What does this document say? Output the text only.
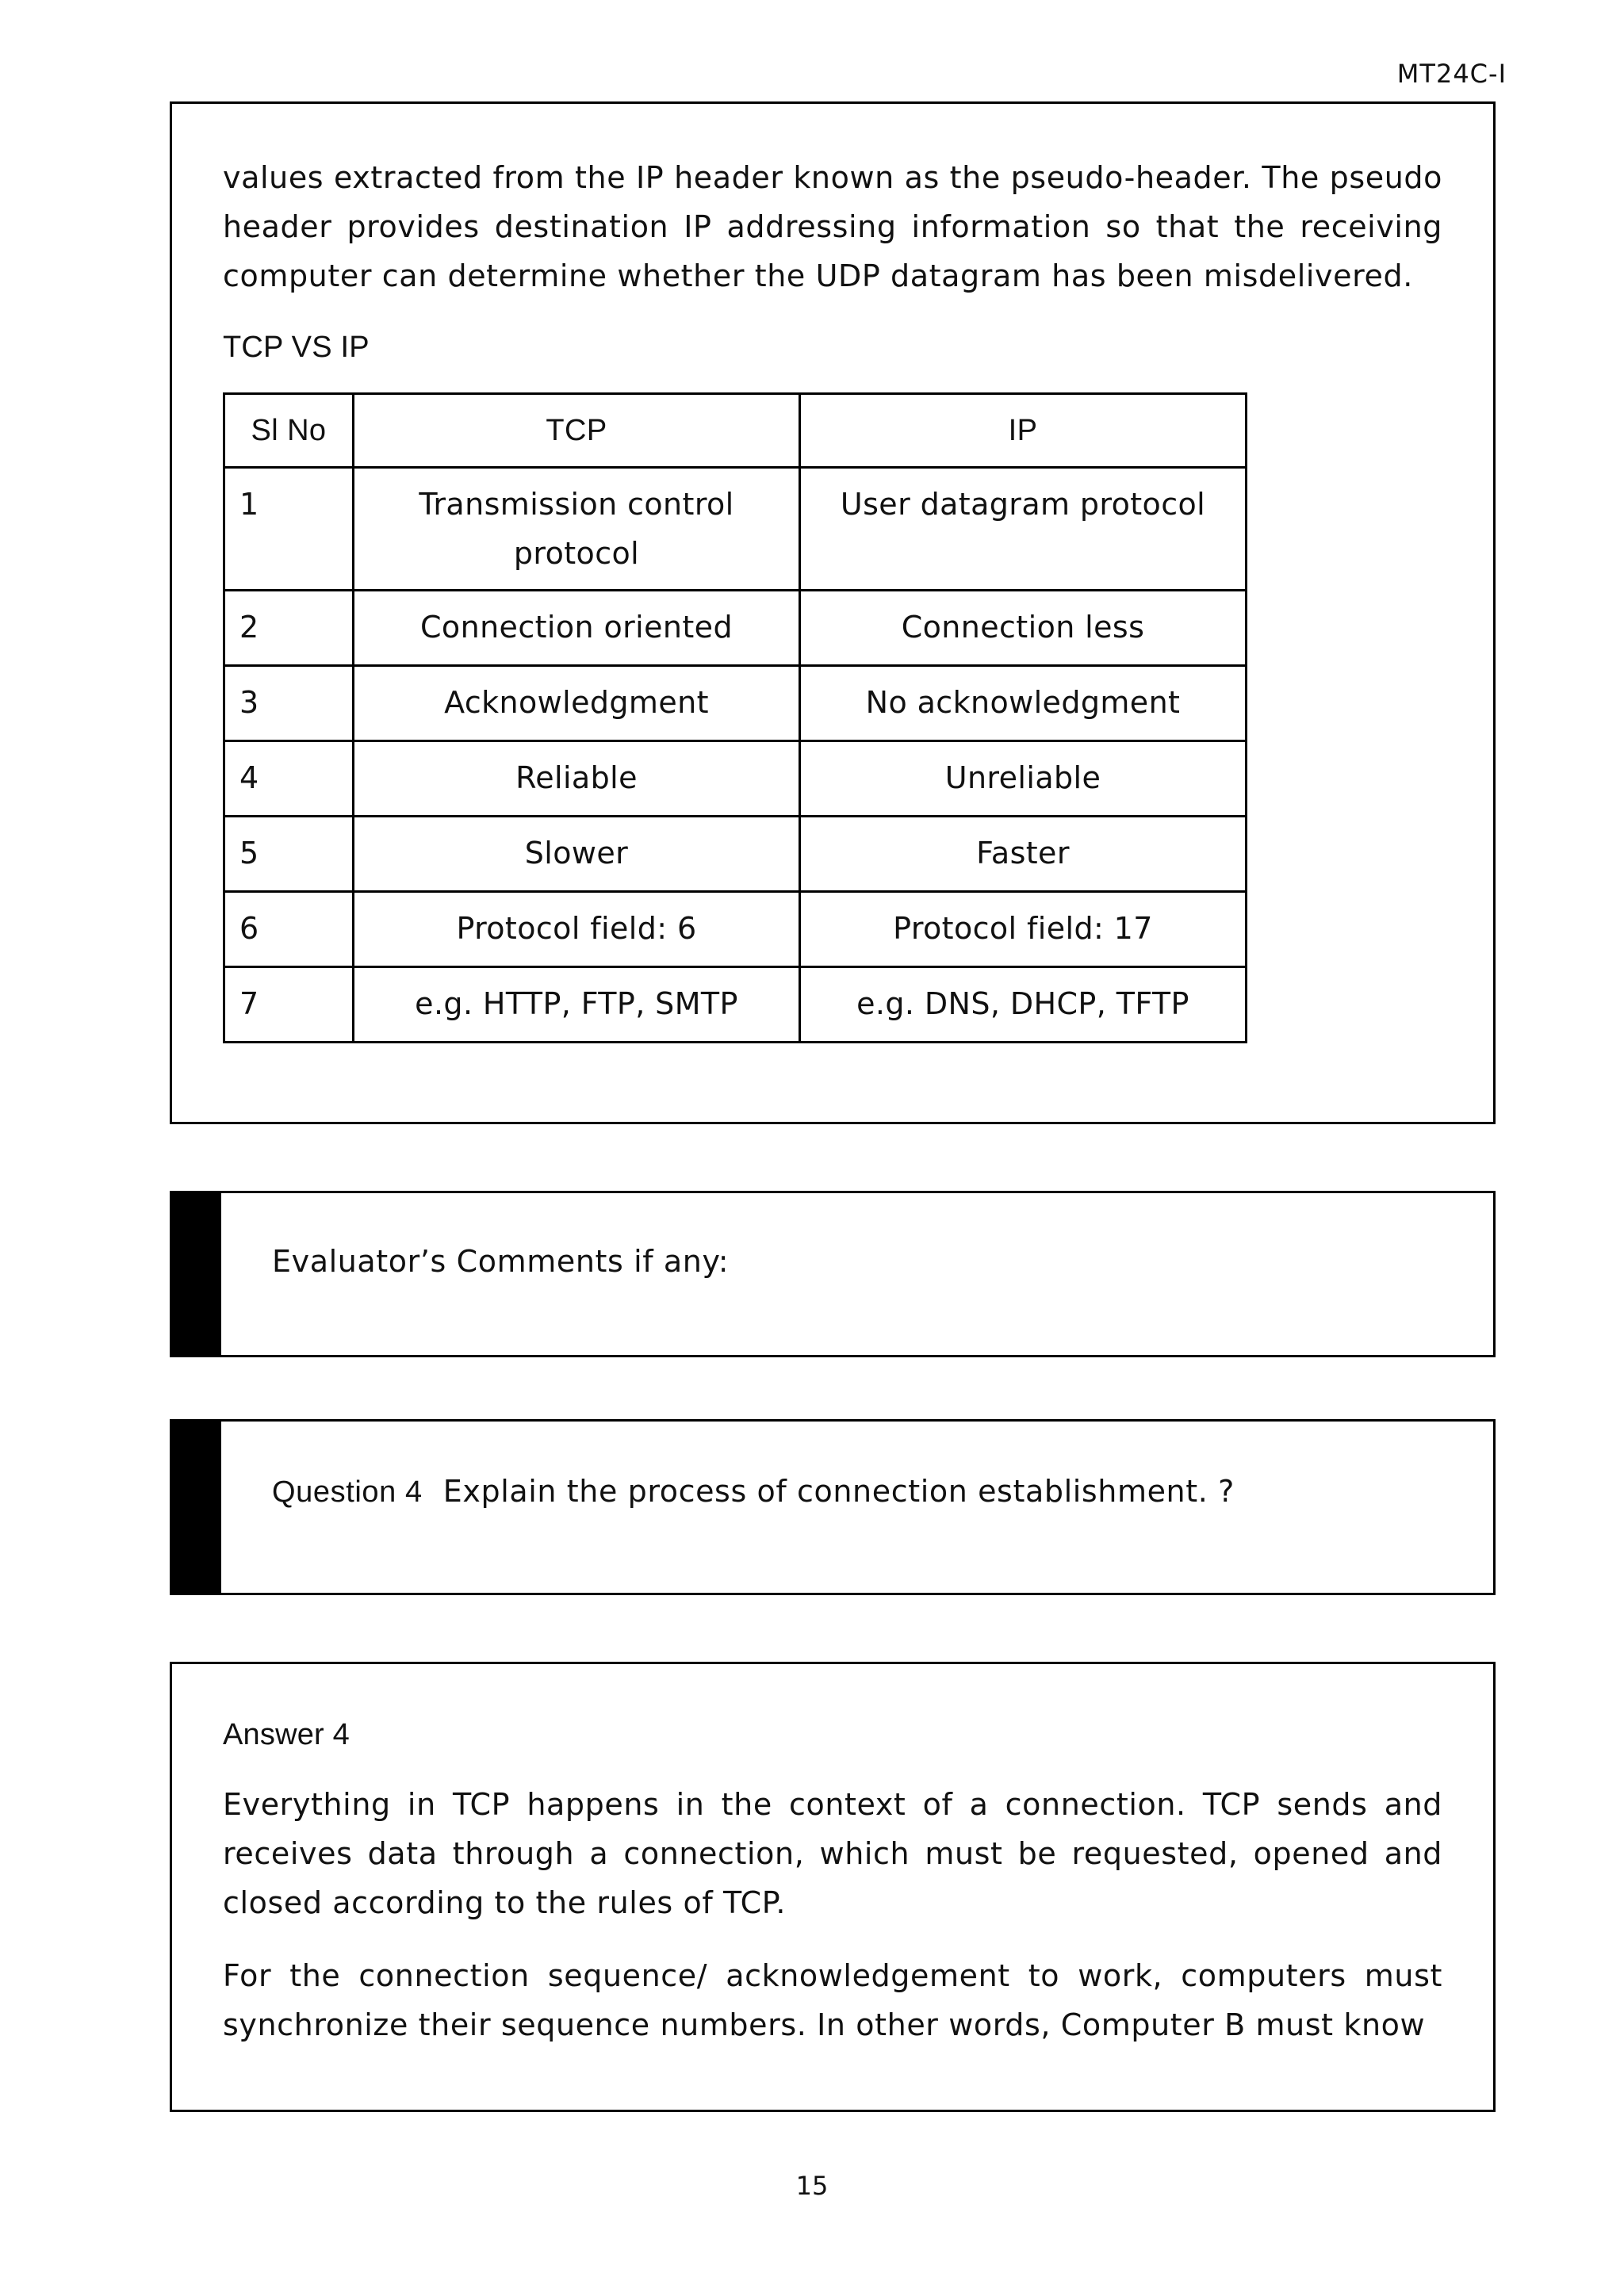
MT24C-I

values extracted from the IP header known as the pseudo-header. The pseudo header provides destination IP addressing information so that the receiving computer can determine whether the UDP datagram has been misdelivered.

TCP VS IP

Sl No	TCP	IP
1	Transmission control protocol	User datagram protocol
2	Connection oriented	Connection less
3	Acknowledgment	No acknowledgment
4	Reliable	Unreliable
5	Slower	Faster
6	Protocol field: 6	Protocol field: 17
7	e.g. HTTP, FTP, SMTP	e.g. DNS, DHCP, TFTP
Evaluator’s Comments if any:
Question 4 Explain the process of connection establishment. ?

Answer 4

Everything in TCP happens in the context of a connection. TCP sends and receives data through a connection, which must be requested, opened and closed according to the rules of TCP.

For the connection sequence/ acknowledgement to work, computers must synchronize their sequence numbers. In other words, Computer B must know

15
